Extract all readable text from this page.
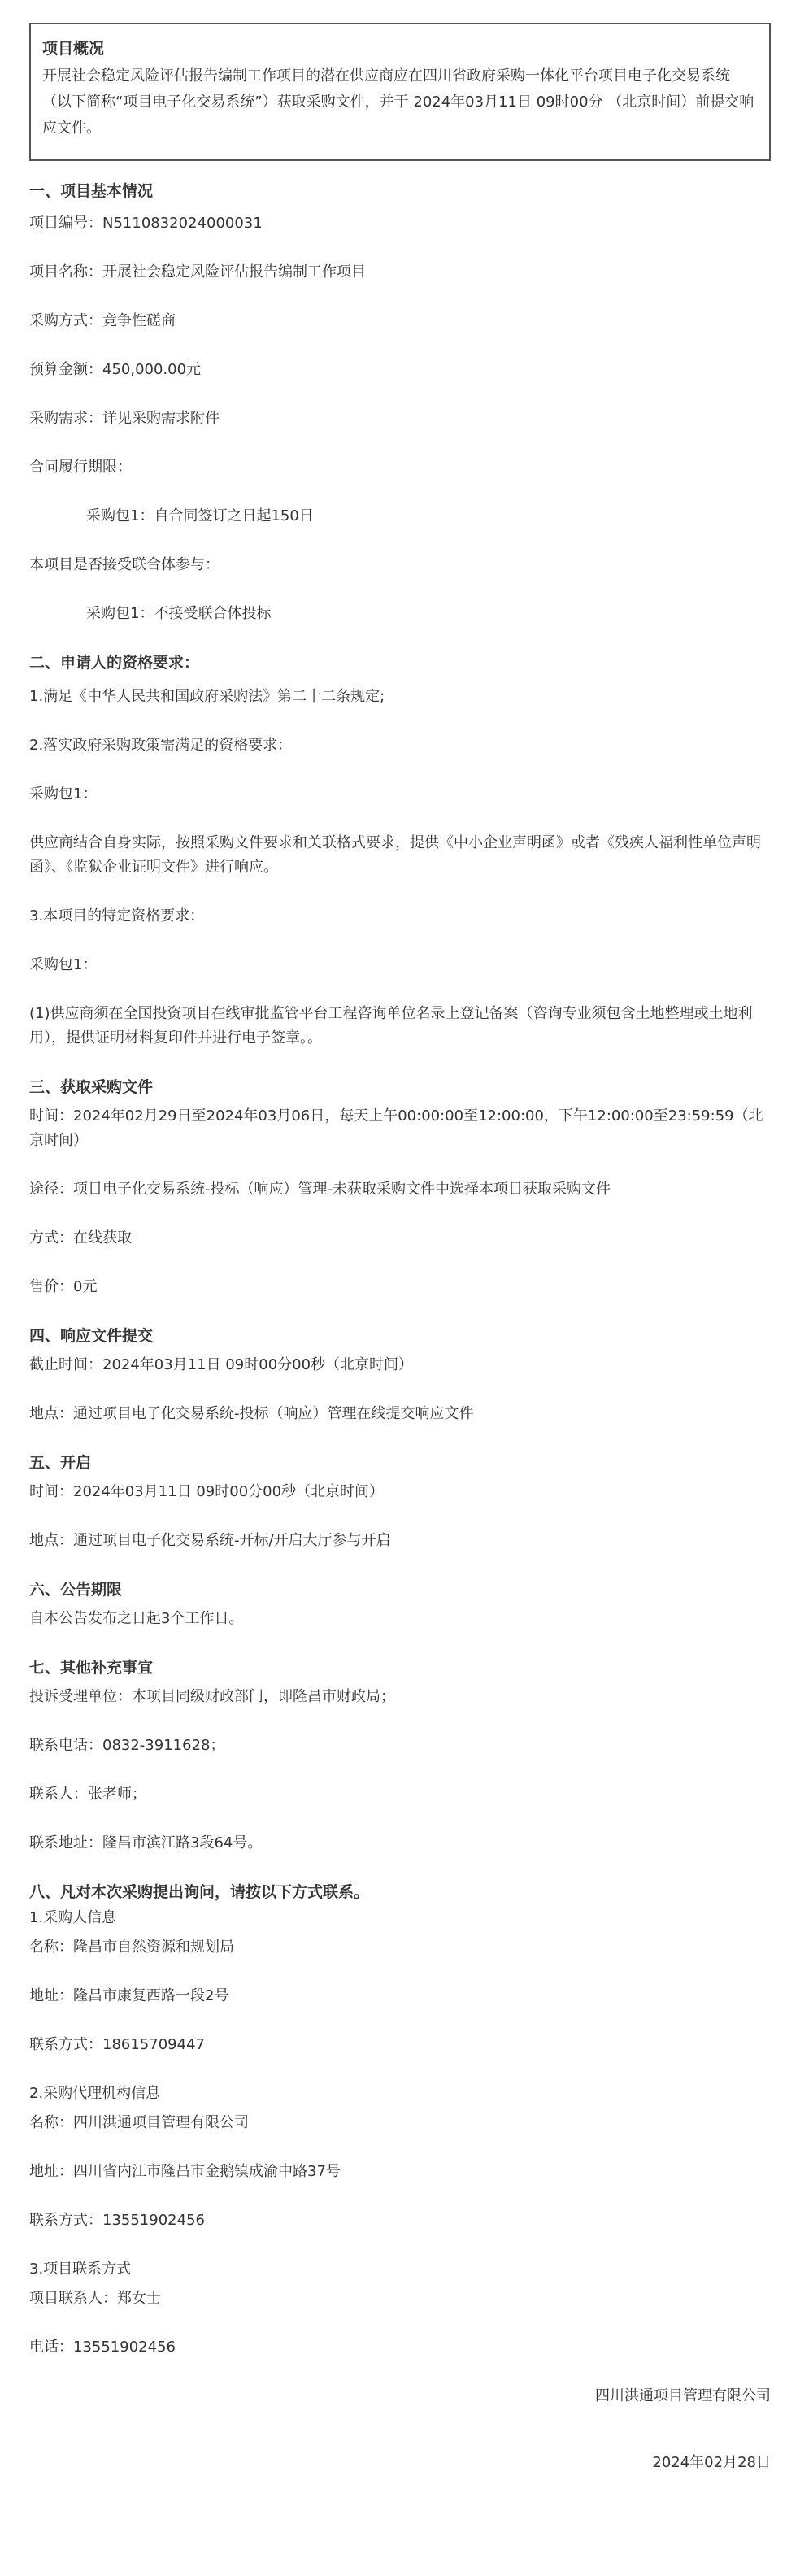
项目概况
开展社会稳定风险评估报告编制工作项目的潜在供应商应在四川省政府采购一体化平台项目电子化交易系统（以下简称“项目电子化交易系统”）获取采购文件，并于 2024年03月11日 09时00分 （北京时间）前提交响应文件。

一、项目基本情况

项目编号：N5110832024000031

项目名称：开展社会稳定风险评估报告编制工作项目

采购方式：竞争性磋商

预算金额：450,000.00元

采购需求：详见采购需求附件

合同履行期限：

采购包1：自合同签订之日起150日

本项目是否接受联合体参与：

采购包1：不接受联合体投标

二、申请人的资格要求：

1.满足《中华人民共和国政府采购法》第二十二条规定;

2.落实政府采购政策需满足的资格要求：

采购包1：

供应商结合自身实际，按照采购文件要求和关联格式要求，提供《中小企业声明函》或者《残疾人福利性单位声明函》、《监狱企业证明文件》进行响应。

3.本项目的特定资格要求：

采购包1：

(1)供应商须在全国投资项目在线审批监管平台工程咨询单位名录上登记备案（咨询专业须包含土地整理或土地利用），提供证明材料复印件并进行电子签章。。

三、获取采购文件

时间：2024年02月29日至2024年03月06日，每天上午00:00:00至12:00:00，下午12:00:00至23:59:59（北京时间）

途径：项目电子化交易系统-投标（响应）管理-未获取采购文件中选择本项目获取采购文件

方式：在线获取

售价：0元

四、响应文件提交

截止时间：2024年03月11日 09时00分00秒（北京时间）

地点：通过项目电子化交易系统-投标（响应）管理在线提交响应文件

五、开启

时间：2024年03月11日 09时00分00秒（北京时间）

地点：通过项目电子化交易系统-开标/开启大厅参与开启

六、公告期限

自本公告发布之日起3个工作日。

七、其他补充事宜

投诉受理单位：本项目同级财政部门，即隆昌市财政局；

联系电话：0832-3911628；

联系人：张老师；

联系地址：隆昌市滨江路3段64号。

八、凡对本次采购提出询问，请按以下方式联系。

1.采购人信息

名称：隆昌市自然资源和规划局

地址：隆昌市康复西路一段2号

联系方式：18615709447

2.采购代理机构信息

名称：四川洪通项目管理有限公司

地址：四川省内江市隆昌市金鹅镇成渝中路37号

联系方式：13551902456

3.项目联系方式

项目联系人：郑女士

电话：13551902456

四川洪通项目管理有限公司
2024年02月28日
